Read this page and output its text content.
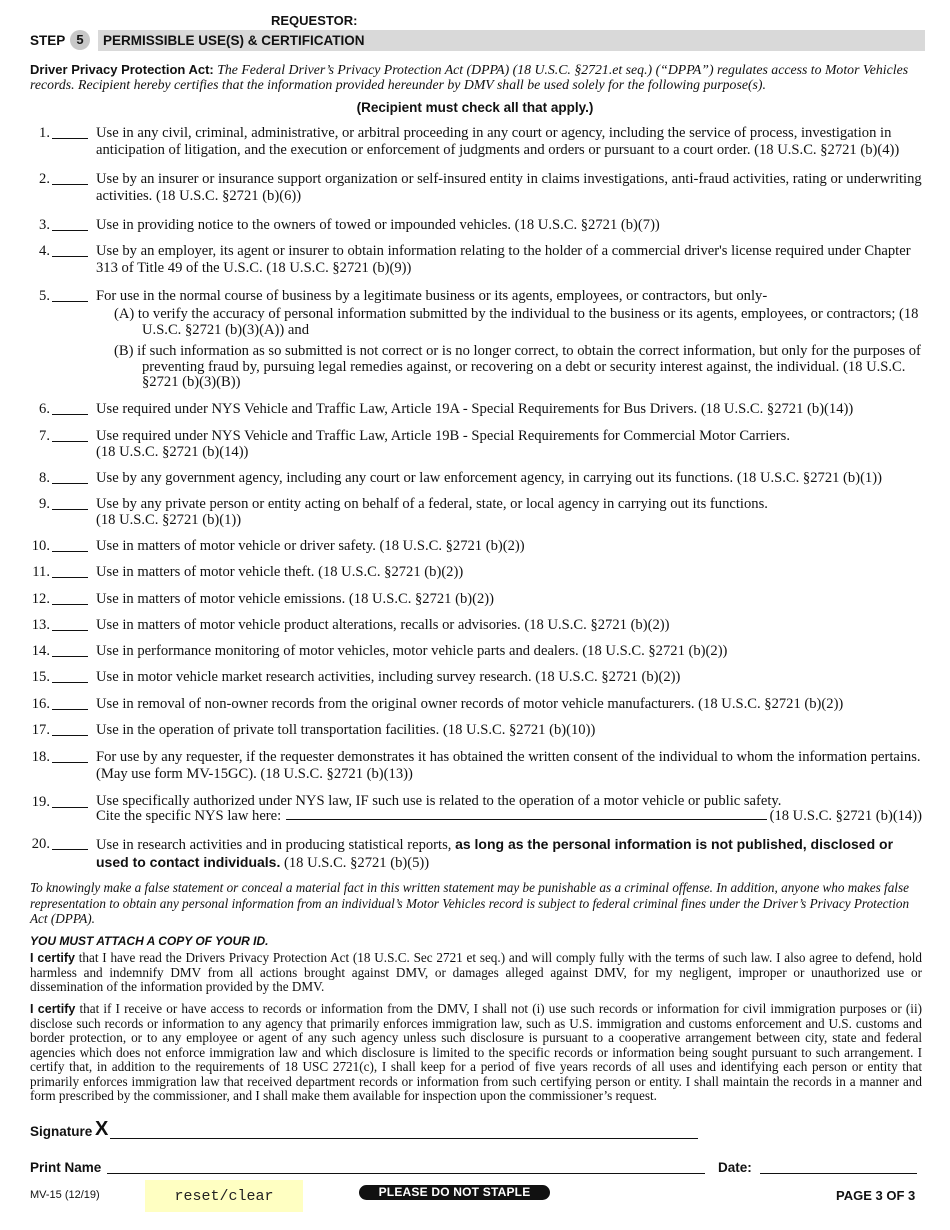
REQUESTOR:
STEP 5	PERMISSIBLE USE(S) & CERTIFICATION
Driver Privacy Protection Act: The Federal Driver’s Privacy Protection Act (DPPA) (18 U.S.C. §2721.et seq.) (“DPPA”) regulates access to Motor Vehicles records. Recipient hereby certifies that the information provided hereunder by DMV shall be used solely for the following purpose(s).
(Recipient must check all that apply.)
1.	Use in any civil, criminal, administrative, or arbitral proceeding in any court or agency, including the service of process, investigation in anticipation of litigation, and the execution or enforcement of judgments and orders or pursuant to a court order. (18 U.S.C. §2721 (b)(4))
2.	Use by an insurer or insurance support organization or self-insured entity in claims investigations, anti-fraud activities, rating or underwriting activities. (18 U.S.C. §2721 (b)(6))
3.	Use in providing notice to the owners of towed or impounded vehicles. (18 U.S.C. §2721 (b)(7))
4.	Use by an employer, its agent or insurer to obtain information relating to the holder of a commercial driver's license required under Chapter 313 of Title 49 of the U.S.C. (18 U.S.C. §2721 (b)(9))
5.	For use in the normal course of business by a legitimate business or its agents, employees, or contractors, but only-
(A) to verify the accuracy of personal information submitted by the individual to the business or its agents, employees, or contractors; (18 U.S.C. §2721 (b)(3)(A)) and
(B) if such information as so submitted is not correct or is no longer correct, to obtain the correct information, but only for the purposes of preventing fraud by, pursuing legal remedies against, or recovering on a debt or security interest against, the individual. (18 U.S.C. §2721 (b)(3)(B))
6.	Use required under NYS Vehicle and Traffic Law, Article 19A - Special Requirements for Bus Drivers. (18 U.S.C. §2721 (b)(14))
7.	Use required under NYS Vehicle and Traffic Law, Article 19B - Special Requirements for Commercial Motor Carriers.
(18 U.S.C. §2721 (b)(14))
8.	Use by any government agency, including any court or law enforcement agency, in carrying out its functions. (18 U.S.C. §2721 (b)(1))
9.	Use by any private person or entity acting on behalf of a federal, state, or local agency in carrying out its functions.
(18 U.S.C. §2721 (b)(1))
10.	Use in matters of motor vehicle or driver safety. (18 U.S.C. §2721 (b)(2))
11.	Use in matters of motor vehicle theft. (18 U.S.C. §2721 (b)(2))
12.	Use in matters of motor vehicle emissions. (18 U.S.C. §2721 (b)(2))
13.	Use in matters of motor vehicle product alterations, recalls or advisories. (18 U.S.C. §2721 (b)(2))
14.	Use in performance monitoring of motor vehicles, motor vehicle parts and dealers. (18 U.S.C. §2721 (b)(2))
15.	Use in motor vehicle market research activities, including survey research. (18 U.S.C. §2721 (b)(2))
16.	Use in removal of non-owner records from the original owner records of motor vehicle manufacturers. (18 U.S.C. §2721 (b)(2))
17.	Use in the operation of private toll transportation facilities. (18 U.S.C. §2721 (b)(10))
18.	For use by any requester, if the requester demonstrates it has obtained the written consent of the individual to whom the information pertains. (May use form MV-15GC). (18 U.S.C. §2721 (b)(13))
19.	Use specifically authorized under NYS law, IF such use is related to the operation of a motor vehicle or public safety.
Cite the specific NYS law here:	(18 U.S.C. §2721 (b)(14))
20.	Use in research activities and in producing statistical reports, as long as the personal information is not published, disclosed or used to contact individuals. (18 U.S.C. §2721 (b)(5))
To knowingly make a false statement or conceal a material fact in this written statement may be punishable as a criminal offense. In addition, anyone who makes false representation to obtain any personal information from an individual’s Motor Vehicles record is subject to federal criminal fines under the Driver’s Privacy Protection Act (DPPA).
YOU MUST ATTACH A COPY OF YOUR ID.
I certify that I have read the Drivers Privacy Protection Act (18 U.S.C. Sec 2721 et seq.) and will comply fully with the terms of such law. I also agree to defend, hold harmless and indemnify DMV from all actions brought against DMV, or damages alleged against DMV, for my negligent, improper or unauthorized use or dissemination of the information provided by the DMV.
I certify that if I receive or have access to records or information from the DMV, I shall not (i) use such records or information for civil immigration purposes or (ii) disclose such records or information to any agency that primarily enforces immigration law, such as U.S. immigration and customs enforcement and U.S. customs and border protection, or to any employee or agent of any such agency unless such disclosure is pursuant to a cooperative arrangement between city, state and federal agencies which does not enforce immigration law and which disclosure is limited to the specific records or information being sought pursuant to such arrangement. I certify that, in addition to the requirements of 18 USC 2721(c), I shall keep for a period of five years records of all uses and identifying each person or entity that primarily enforces immigration law that received department records or information from such certifying person or entity. I shall maintain the records in a manner and form prescribed by the commissioner, and I shall make them available for inspection upon the commissioner’s request.
Signature X
Print Name	Date:
MV-15 (12/19)	reset/clear	PLEASE DO NOT STAPLE	PAGE 3 OF 3
